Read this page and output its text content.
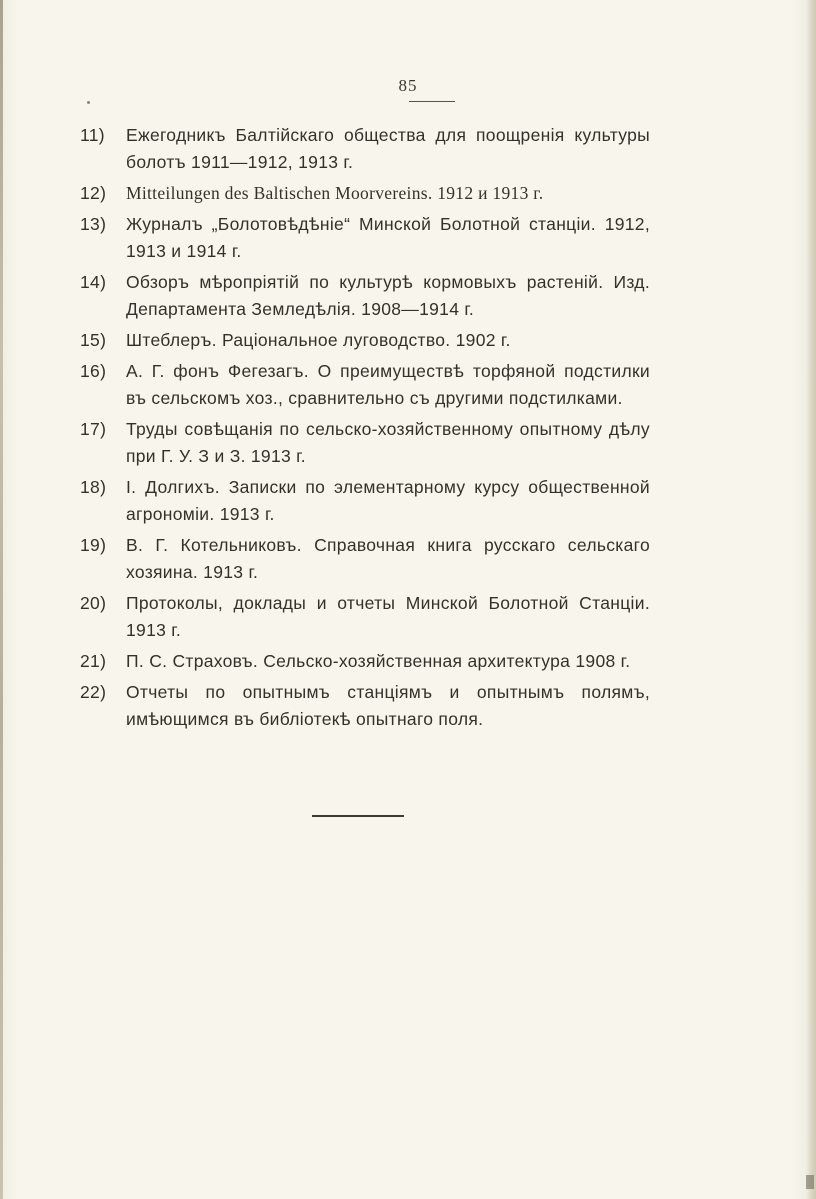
85
11) Ежегодникъ Балтійскаго общества для поощренія культуры болотъ 1911—1912, 1913 г.
12) Mitteilungen des Baltischen Moorvereins. 1912 и 1913 г.
13) Журналъ „Болотовѣдѣніе“ Минской Болотной станціи. 1912, 1913 и 1914 г.
14) Обзоръ мѣропріятій по культурѣ кормовыхъ растеній. Изд. Департамента Земледѣлія. 1908—1914 г.
15) Штеблеръ. Раціональное луговодство. 1902 г.
16) А. Г. фонъ Фегезагъ. О преимуществѣ торфяной подстилки въ сельскомъ хоз., сравнительно съ другими подстилками.
17) Труды совѣщанія по сельско-хозяйственному опытному дѣлу при Г. У. З и З. 1913 г.
18) І. Долгихъ. Записки по элементарному курсу общественной агрономіи. 1913 г.
19) В. Г. Котельниковъ. Справочная книга русскаго сельскаго хозяина. 1913 г.
20) Протоколы, доклады и отчеты Минской Болотной Станціи. 1913 г.
21) П. С. Страховъ. Сельско-хозяйственная архитектура 1908 г.
22) Отчеты по опытнымъ станціямъ и опытнымъ полямъ, имѣющимся въ библіотекѣ опытнаго поля.
